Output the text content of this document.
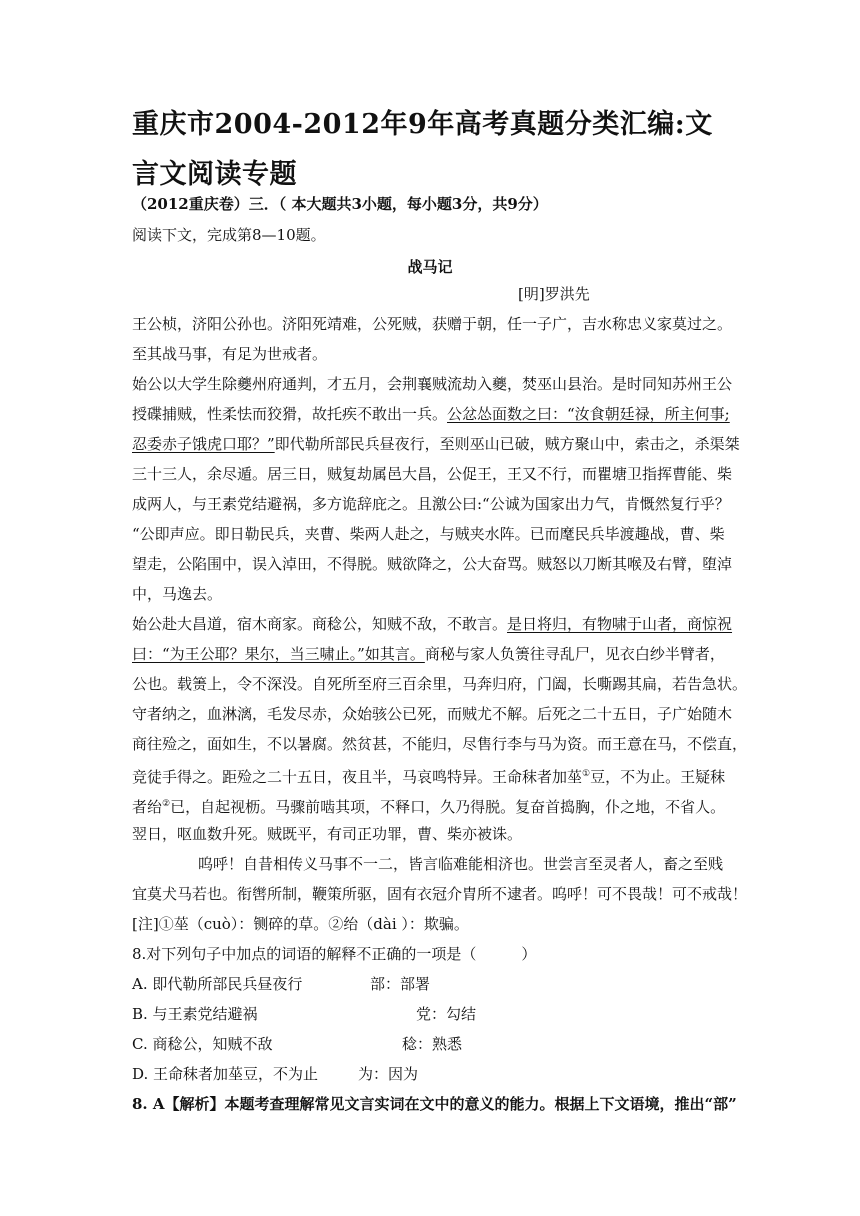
重庆市2004-2012年9年高考真题分类汇编:文言文阅读专题
（2012重庆卷）三．（ 本大题共3小题，每小题3分，共9分）
阅读下文，完成第8—10题。
战马记
[明]罗洪先
王公桢，济阳公孙也。济阳死靖难，公死贼，获赠于朝，任一子广，吉水称忠义家莫过之。
至其战马事，有足为世戒者。
始公以大学生除夔州府通判，才五月，会荆襄贼流劫入夔，焚巫山县治。是时同知苏州王公
授碟捕贼，性柔怯而狡猾，故托疾不敢出一兵。公忿怂面数之曰：“汝食朝廷禄，所主何事;
忍委赤子饿虎口耶？”即代勒所部民兵昼夜行，至则巫山已破，贼方聚山中，索击之，杀渠桀
三十三人，余尽遁。居三日，贼复劫属邑大昌，公促王，王又不行，而瞿塘卫指挥曹能、柴
成两人，与王素党结避祸，多方诡辞庇之。且激公曰:“公诚为国家出力气，肯慨然复行乎？
“公即声应。即日勒民兵，夹曹、柴两人赴之，与贼夹水阵。已而麾民兵毕渡趣战，曹、柴
望走，公陷围中，误入淖田，不得脱。贼欲降之，公大奋骂。贼怒以刀断其喉及右臂，堕淖
中，马逸去。
始公赴大昌道，宿木商家。商稔公，知贼不敌，不敢言。是日将归，有物啸于山者，商惊祝
曰：“为王公耶？果尔，当三啸止。”如其言。商秘与家人负箦往寻乱尸，见衣白纱半臂者，
公也。载箦上，令不深没。自死所至府三百余里，马奔归府，门阖，长嘶踢其扁，若告急状。
守者纳之，血淋漓，毛发尽赤，众始骇公已死，而贼尤不解。后死之二十五日，子广始随木
商往殓之，面如生，不以暑腐。然贫甚，不能归，尽售行李与马为资。而王意在马，不偿直，
竞徒手得之。距殓之二十五日，夜且半，马哀鸣特异。王命秣者加莝①豆，不为止。王疑秣
者绐②已，自起视枥。马骤前啮其项，不释口，久乃得脱。复奋首捣胸，仆之地，不省人。
翌日，呕血数升死。贼既平，有司正功罪，曹、柴亦被诛。
呜呼！自昔相传义马事不一二，皆言临难能相济也。世尝言至灵者人，畜之至贱
宜莫犬马若也。衔辔所制，鞭策所驱，固有衣冠介胄所不逮者。呜呼！可不畏哉！可不戒哉！
[注]①莝（cuò）：铡碎的草。②绐（dài ）：欺骗。
8.对下列句子中加点的词语的解释不正确的一项是（　　　）
A. 即代勒所部民兵昼夜行	部：部署
B. 与王素党结避祸	党：勾结
C. 商稔公，知贼不敌	稔：熟悉
D. 王命秣者加莝豆，不为止	为：因为
8. A【解析】本题考查理解常见文言实词在文中的意义的能力。根据上下文语境，推出“部”
